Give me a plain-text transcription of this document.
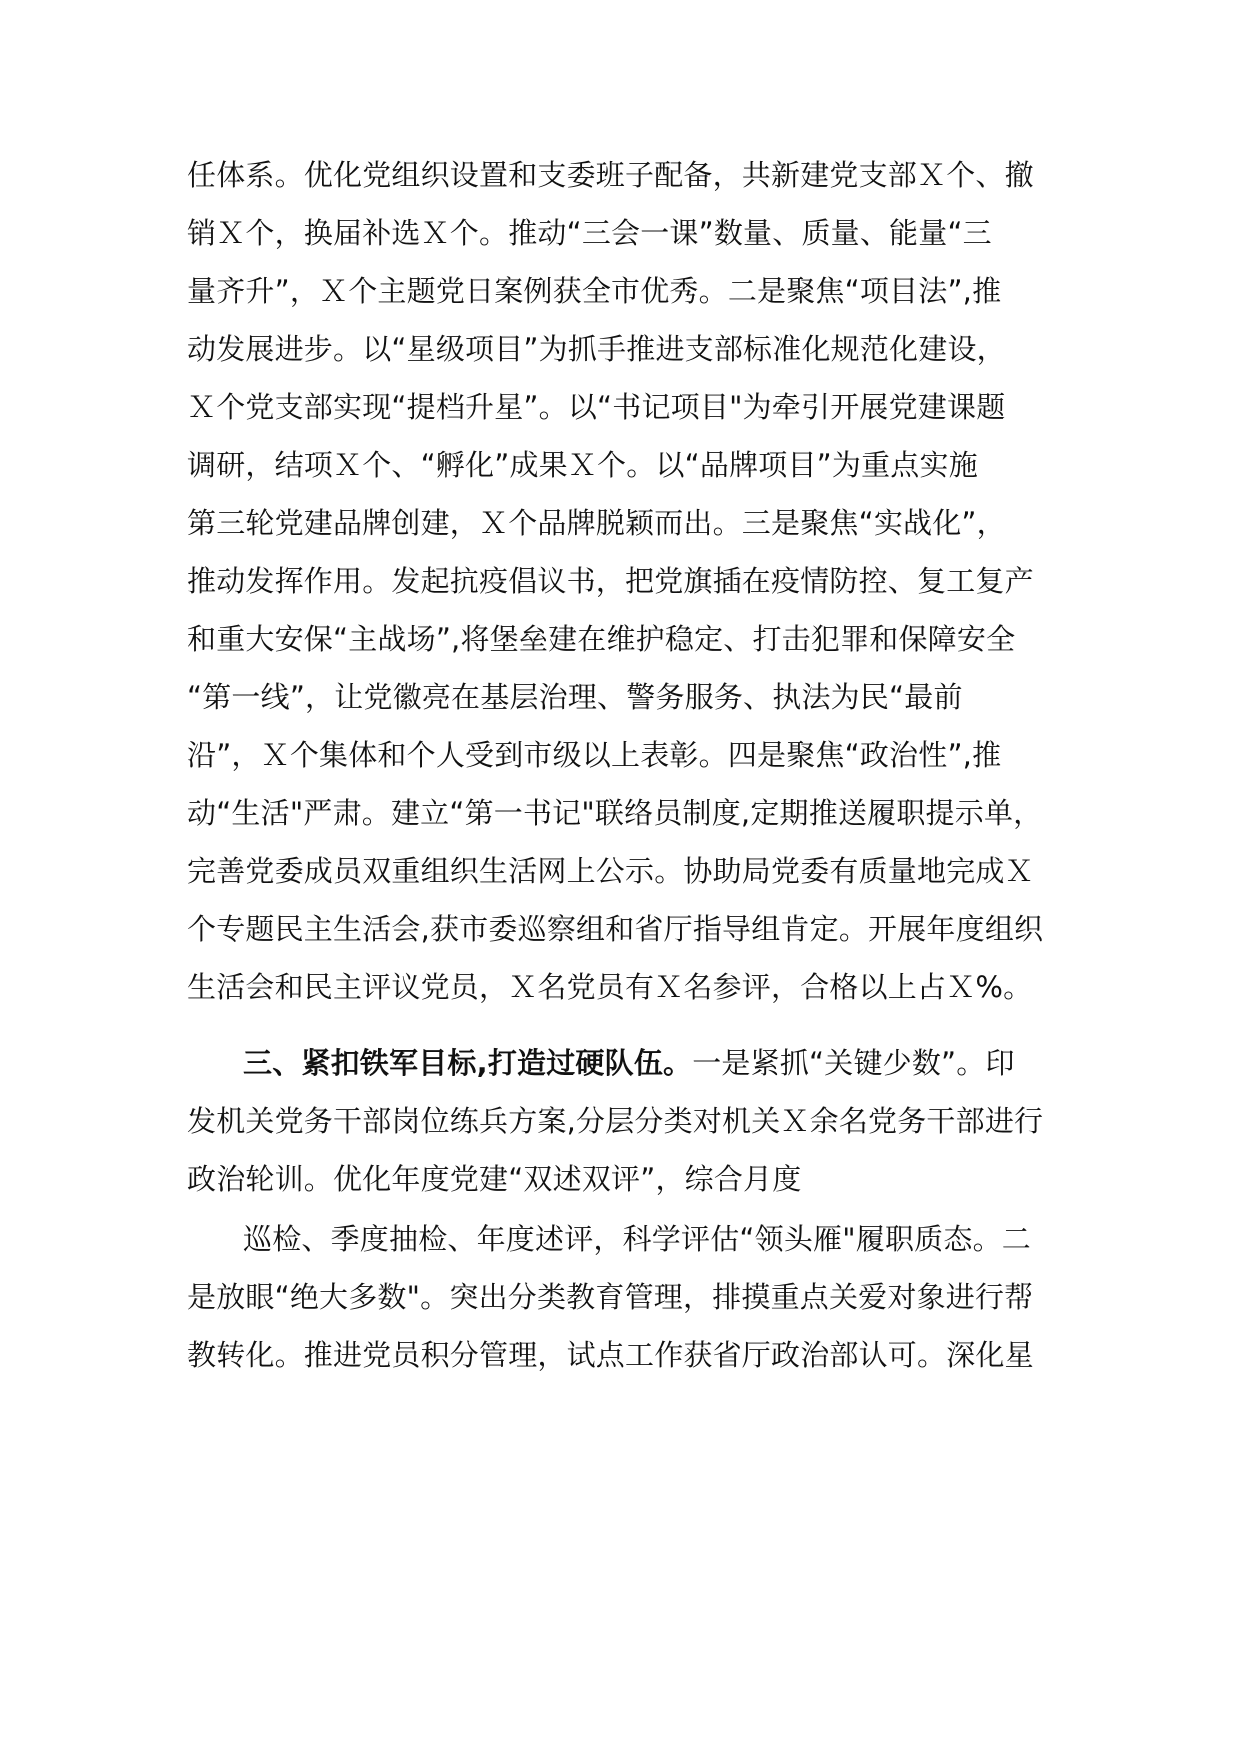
任体系。优化党组织设置和支委班子配备，共新建党支部Ｘ个、撤
销Ｘ个，换届补选Ｘ个。推动“三会一课”数量、质量、能量“三
量齐升”，Ｘ个主题党日案例获全市优秀。二是聚焦“项目法”,推
动发展进步。以“星级项目”为抓手推进支部标准化规范化建设，
Ｘ个党支部实现“提档升星”。以“书记项目"为牵引开展党建课题
调研，结项Ｘ个、“孵化”成果Ｘ个。以“品牌项目”为重点实施
第三轮党建品牌创建，Ｘ个品牌脱颖而出。三是聚焦“实战化”，
推动发挥作用。发起抗疫倡议书，把党旗插在疫情防控、复工复产
和重大安保“主战场”,将堡垒建在维护稳定、打击犯罪和保障安全
“第一线”，让党徽亮在基层治理、警务服务、执法为民“最前
沿”，Ｘ个集体和个人受到市级以上表彰。四是聚焦“政治性”,推
动“生活"严肃。建立“第一书记"联络员制度,定期推送履职提示单，
完善党委成员双重组织生活网上公示。协助局党委有质量地完成Ｘ
个专题民主生活会,获市委巡察组和省厅指导组肯定。开展年度组织
生活会和民主评议党员，Ｘ名党员有Ｘ名参评，合格以上占Ｘ%。
三、紧扣铁军目标,打造过硬队伍。一是紧抓“关键少数”。印
发机关党务干部岗位练兵方案,分层分类对机关Ｘ余名党务干部进行
政治轮训。优化年度党建“双述双评”，综合月度
巡检、季度抽检、年度述评，科学评估“领头雁"履职质态。二
是放眼“绝大多数"。突出分类教育管理，排摸重点关爱对象进行帮
教转化。推进党员积分管理，试点工作获省厅政治部认可。深化星
